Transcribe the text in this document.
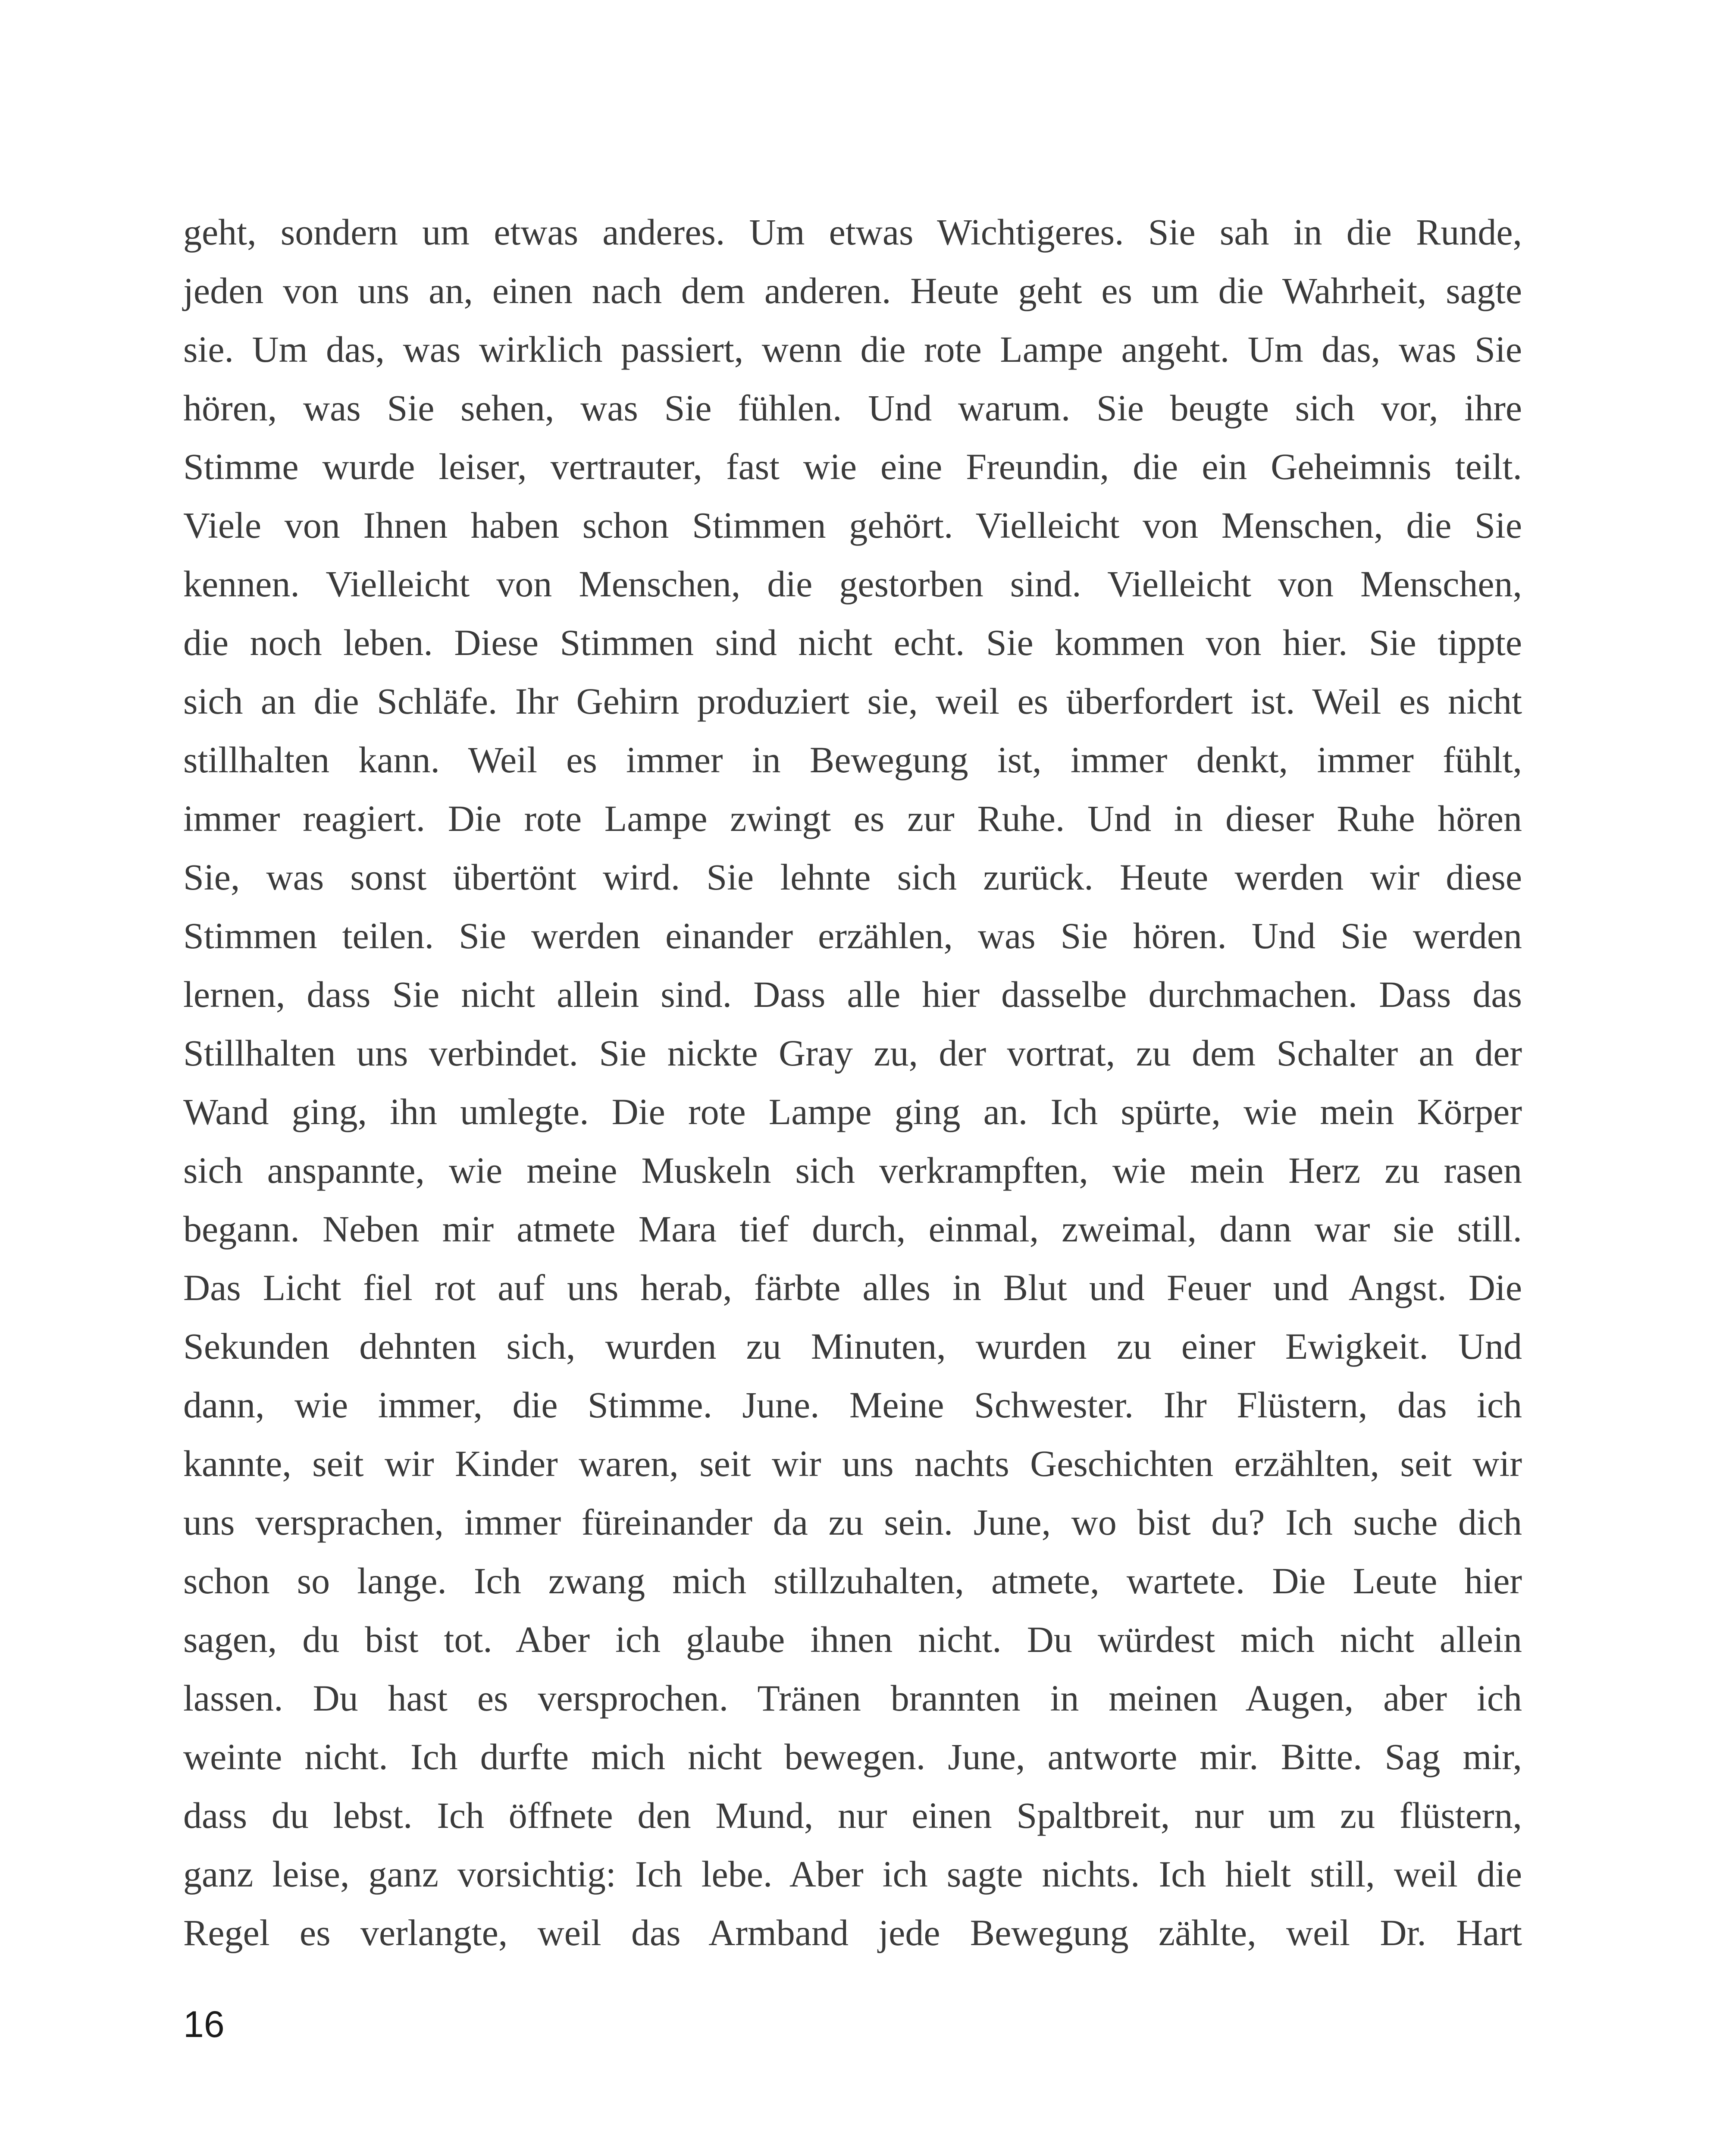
geht, sondern um etwas anderes. Um etwas Wichtigeres. Sie sah in die Runde,
jeden von uns an, einen nach dem anderen. Heute geht es um die Wahrheit, sagte
sie. Um das, was wirklich passiert, wenn die rote Lampe angeht. Um das, was Sie
hören, was Sie sehen, was Sie fühlen. Und warum. Sie beugte sich vor, ihre
Stimme wurde leiser, vertrauter, fast wie eine Freundin, die ein Geheimnis teilt.
Viele von Ihnen haben schon Stimmen gehört. Vielleicht von Menschen, die Sie
kennen. Vielleicht von Menschen, die gestorben sind. Vielleicht von Menschen,
die noch leben. Diese Stimmen sind nicht echt. Sie kommen von hier. Sie tippte
sich an die Schläfe. Ihr Gehirn produziert sie, weil es überfordert ist. Weil es nicht
stillhalten kann. Weil es immer in Bewegung ist, immer denkt, immer fühlt,
immer reagiert. Die rote Lampe zwingt es zur Ruhe. Und in dieser Ruhe hören
Sie, was sonst übertönt wird. Sie lehnte sich zurück. Heute werden wir diese
Stimmen teilen. Sie werden einander erzählen, was Sie hören. Und Sie werden
lernen, dass Sie nicht allein sind. Dass alle hier dasselbe durchmachen. Dass das
Stillhalten uns verbindet. Sie nickte Gray zu, der vortrat, zu dem Schalter an der
Wand ging, ihn umlegte. Die rote Lampe ging an. Ich spürte, wie mein Körper
sich anspannte, wie meine Muskeln sich verkrampften, wie mein Herz zu rasen
begann. Neben mir atmete Mara tief durch, einmal, zweimal, dann war sie still.
Das Licht fiel rot auf uns herab, färbte alles in Blut und Feuer und Angst. Die
Sekunden dehnten sich, wurden zu Minuten, wurden zu einer Ewigkeit. Und
dann, wie immer, die Stimme. June. Meine Schwester. Ihr Flüstern, das ich
kannte, seit wir Kinder waren, seit wir uns nachts Geschichten erzählten, seit wir
uns versprachen, immer füreinander da zu sein. June, wo bist du? Ich suche dich
schon so lange. Ich zwang mich stillzuhalten, atmete, wartete. Die Leute hier
sagen, du bist tot. Aber ich glaube ihnen nicht. Du würdest mich nicht allein
lassen. Du hast es versprochen. Tränen brannten in meinen Augen, aber ich
weinte nicht. Ich durfte mich nicht bewegen. June, antworte mir. Bitte. Sag mir,
dass du lebst. Ich öffnete den Mund, nur einen Spaltbreit, nur um zu flüstern,
ganz leise, ganz vorsichtig: Ich lebe. Aber ich sagte nichts. Ich hielt still, weil die
Regel es verlangte, weil das Armband jede Bewegung zählte, weil Dr. Hart
16
